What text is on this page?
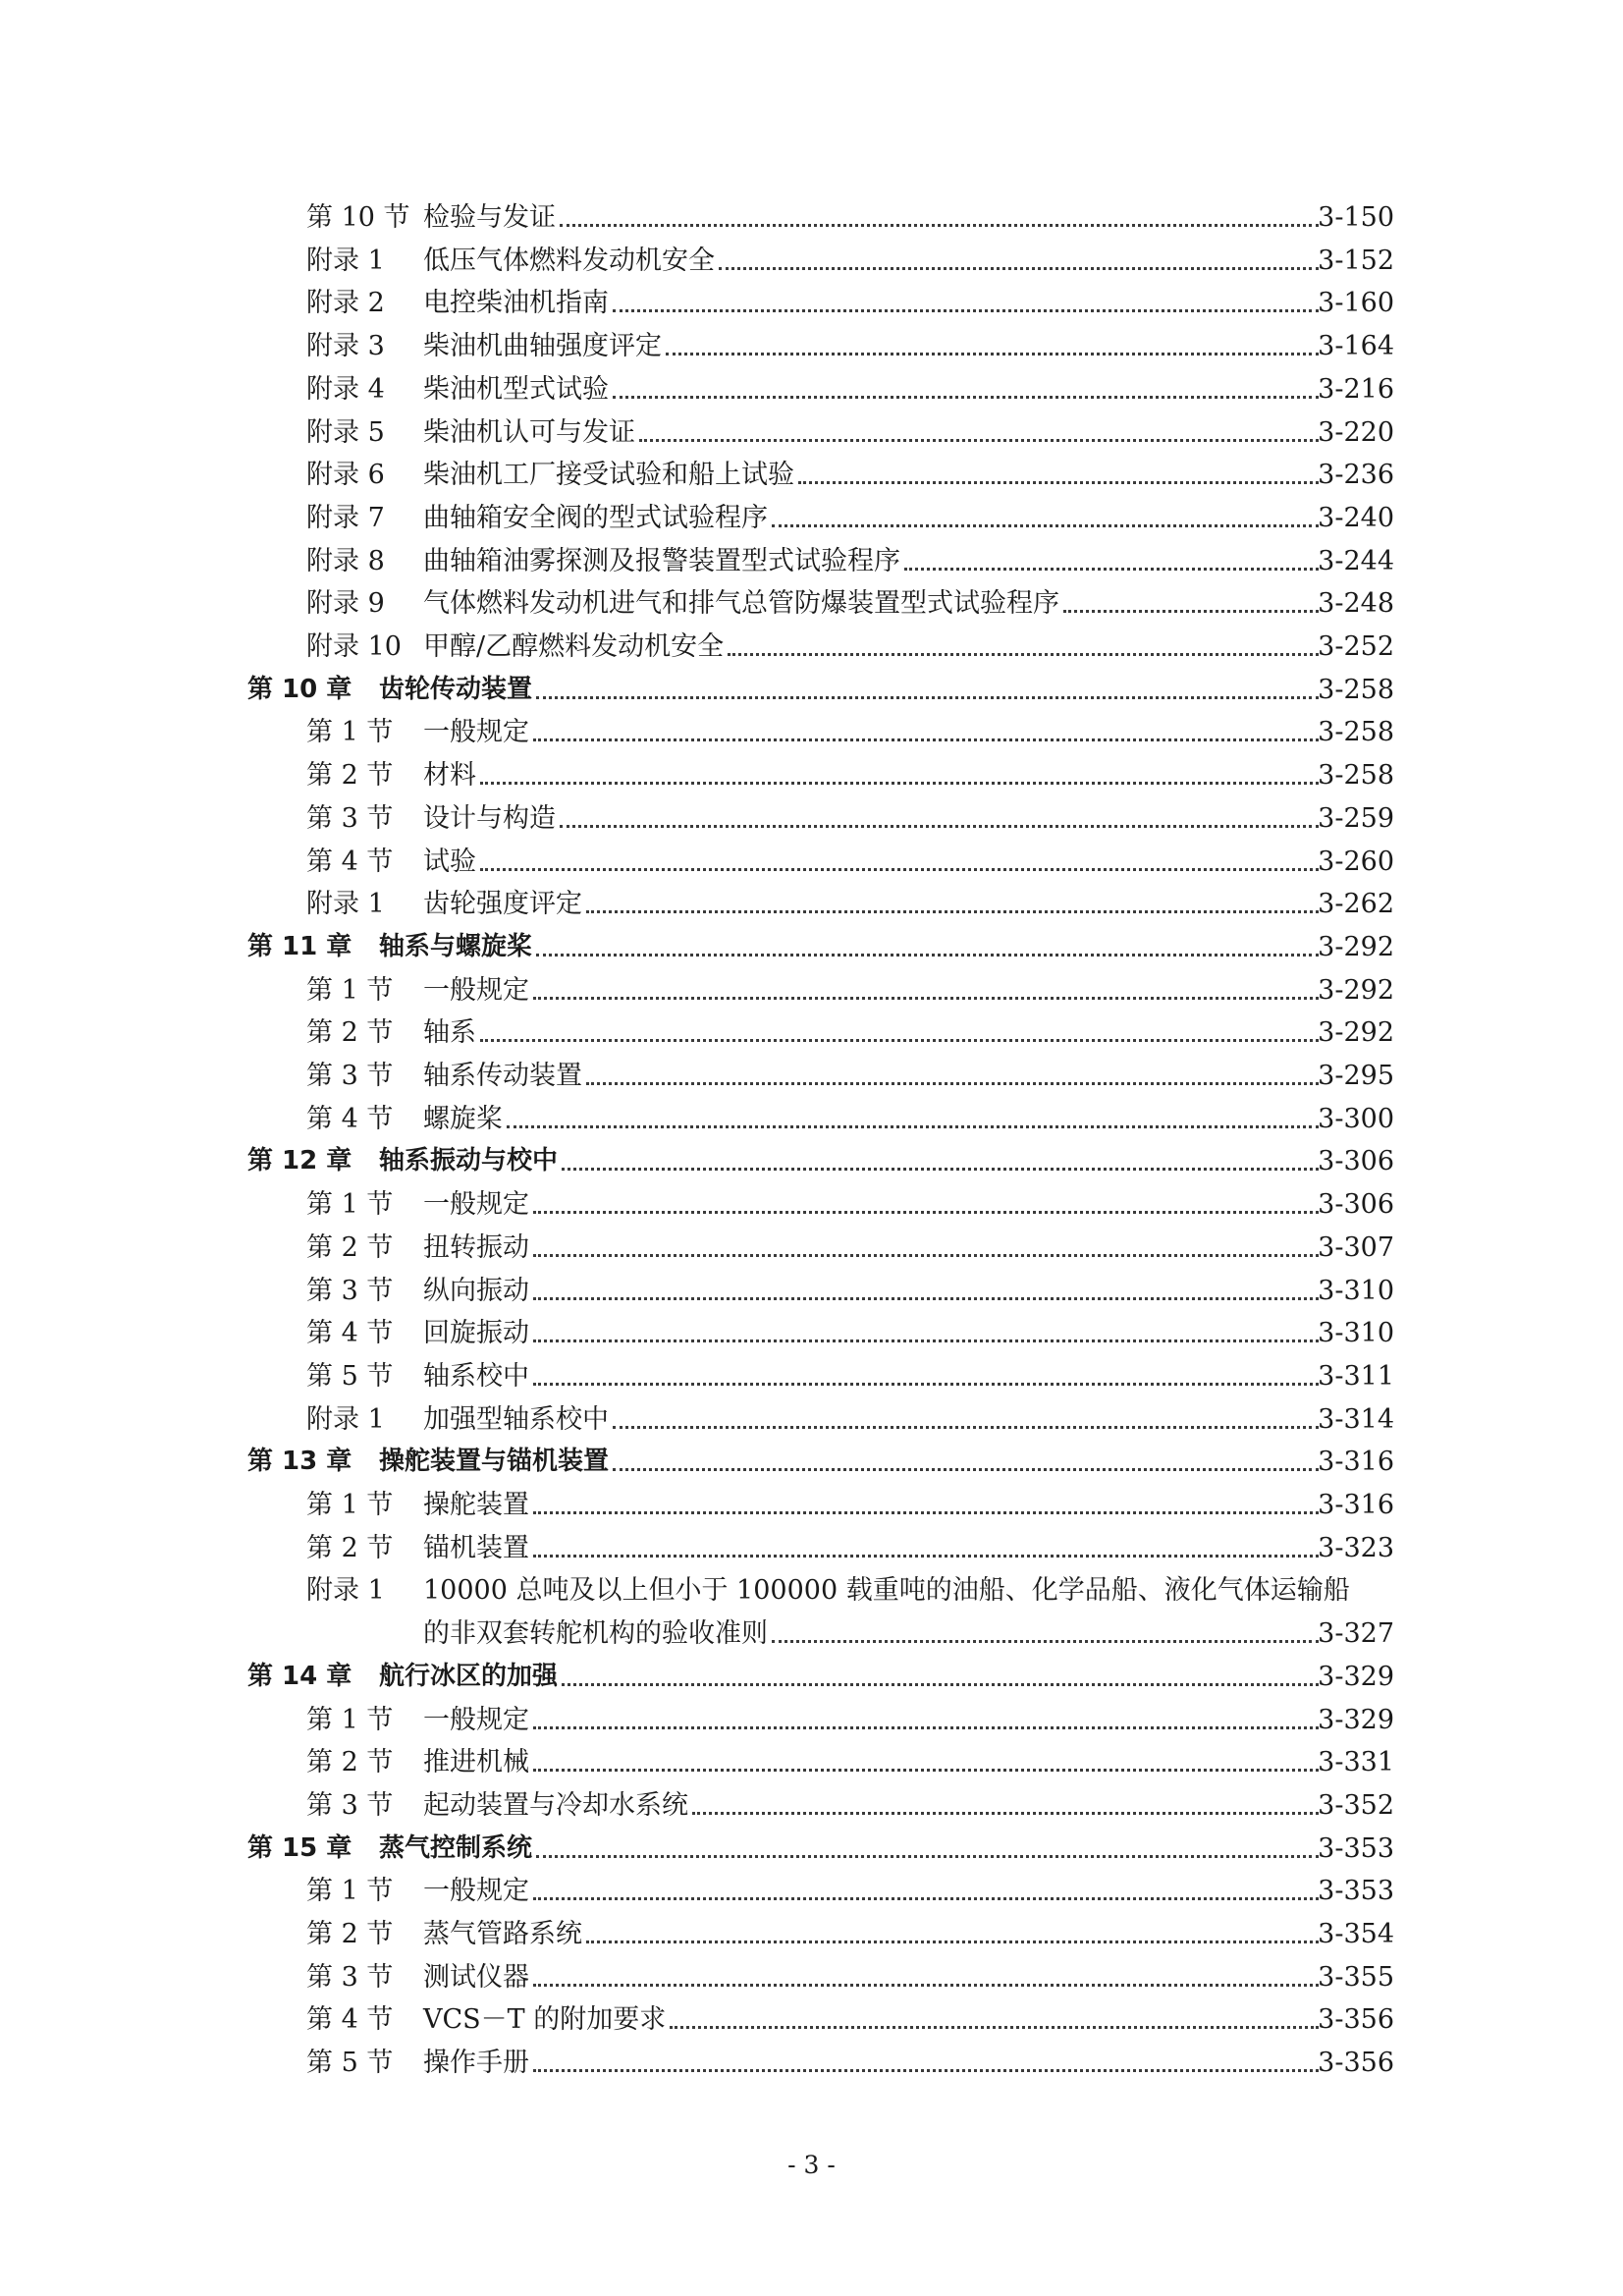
第 10 节 检验与发证	3-150
附录 1 低压气体燃料发动机安全	3-152
附录 2 电控柴油机指南	3-160
附录 3 柴油机曲轴强度评定	3-164
附录 4 柴油机型式试验	3-216
附录 5 柴油机认可与发证	3-220
附录 6 柴油机工厂接受试验和船上试验	3-236
附录 7 曲轴箱安全阀的型式试验程序	3-240
附录 8 曲轴箱油雾探测及报警装置型式试验程序	3-244
附录 9 气体燃料发动机进气和排气总管防爆装置型式试验程序	3-248
附录 10 甲醇/乙醇燃料发动机安全	3-252
第 10 章 齿轮传动装置	3-258
第 1 节 一般规定	3-258
第 2 节 材料	3-258
第 3 节 设计与构造	3-259
第 4 节 试验	3-260
附录 1 齿轮强度评定	3-262
第 11 章 轴系与螺旋桨	3-292
第 1 节 一般规定	3-292
第 2 节 轴系	3-292
第 3 节 轴系传动装置	3-295
第 4 节 螺旋桨	3-300
第 12 章 轴系振动与校中	3-306
第 1 节 一般规定	3-306
第 2 节 扭转振动	3-307
第 3 节 纵向振动	3-310
第 4 节 回旋振动	3-310
第 5 节 轴系校中	3-311
附录 1 加强型轴系校中	3-314
第 13 章 操舵装置与锚机装置	3-316
第 1 节 操舵装置	3-316
第 2 节 锚机装置	3-323
附录 1 10000 总吨及以上但小于 100000 载重吨的油船、化学品船、液化气体运输船
的非双套转舵机构的验收准则	3-327
第 14 章 航行冰区的加强	3-329
第 1 节 一般规定	3-329
第 2 节 推进机械	3-331
第 3 节 起动装置与冷却水系统	3-352
第 15 章 蒸气控制系统	3-353
第 1 节 一般规定	3-353
第 2 节 蒸气管路系统	3-354
第 3 节 测试仪器	3-355
第 4 节 VCS－T 的附加要求	3-356
第 5 节 操作手册	3-356
- 3 -
